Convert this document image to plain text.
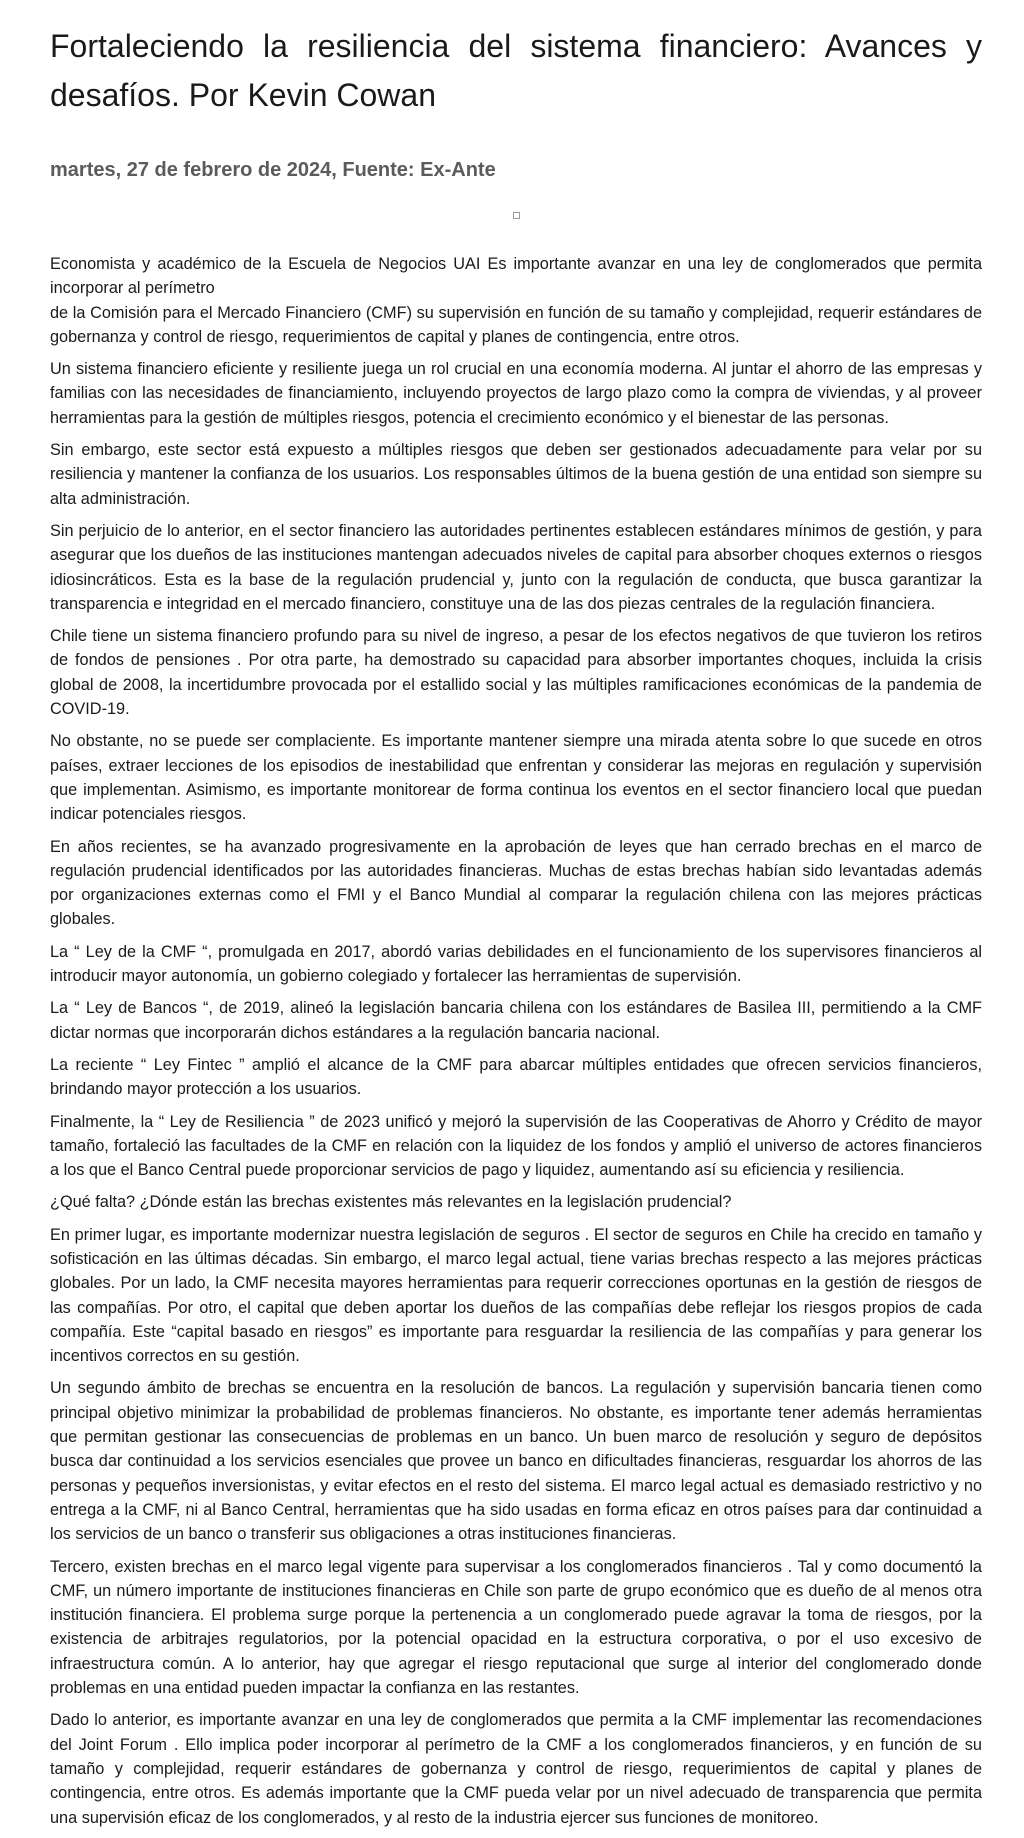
Fortaleciendo la resiliencia del sistema financiero: Avances y desafíos. Por Kevin Cowan
martes, 27 de febrero de 2024, Fuente: Ex-Ante

Economista y académico de la Escuela de Negocios UAI Es importante avanzar en una ley de conglomerados que permita incorporar al perímetro
de la Comisión para el Mercado Financiero (CMF) su supervisión en función de su tamaño y complejidad, requerir estándares de gobernanza y control de riesgo, requerimientos de capital y planes de contingencia, entre otros.

Un sistema financiero eficiente y resiliente juega un rol crucial en una economía moderna. Al juntar el ahorro de las empresas y familias con las necesidades de financiamiento, incluyendo proyectos de largo plazo como la compra de viviendas, y al proveer herramientas para la gestión de múltiples riesgos, potencia el crecimiento económico y el bienestar de las personas.

Sin embargo, este sector está expuesto a múltiples riesgos que deben ser gestionados adecuadamente para velar por su resiliencia y mantener la confianza de los usuarios. Los responsables últimos de la buena gestión de una entidad son siempre su alta administración.

Sin perjuicio de lo anterior, en el sector financiero las autoridades pertinentes establecen estándares mínimos de gestión, y para asegurar que los dueños de las instituciones mantengan adecuados niveles de capital para absorber choques externos o riesgos idiosincráticos. Esta es la base de la regulación prudencial y, junto con la regulación de conducta, que busca garantizar la transparencia e integridad en el mercado financiero, constituye una de las dos piezas centrales de la regulación financiera.

Chile tiene un sistema financiero profundo para su nivel de ingreso, a pesar de los efectos negativos de que tuvieron los retiros de fondos de pensiones . Por otra parte, ha demostrado su capacidad para absorber importantes choques, incluida la crisis global de 2008, la incertidumbre provocada por el estallido social y las múltiples ramificaciones económicas de la pandemia de COVID-19.

No obstante, no se puede ser complaciente. Es importante mantener siempre una mirada atenta sobre lo que sucede en otros países, extraer lecciones de los episodios de inestabilidad que enfrentan y considerar las mejoras en regulación y supervisión que implementan. Asimismo, es importante monitorear de forma continua los eventos en el sector financiero local que puedan indicar potenciales riesgos.

En años recientes, se ha avanzado progresivamente en la aprobación de leyes que han cerrado brechas en el marco de regulación prudencial identificados por las autoridades financieras. Muchas de estas brechas habían sido levantadas además por organizaciones externas como el FMI y el Banco Mundial al comparar la regulación chilena con las mejores prácticas globales.

La “ Ley de la CMF “, promulgada en 2017, abordó varias debilidades en el funcionamiento de los supervisores financieros al introducir mayor autonomía, un gobierno colegiado y fortalecer las herramientas de supervisión.

La “ Ley de Bancos “, de 2019, alineó la legislación bancaria chilena con los estándares de Basilea III, permitiendo a la CMF dictar normas que incorporarán dichos estándares a la regulación bancaria nacional.

La reciente “ Ley Fintec ” amplió el alcance de la CMF para abarcar múltiples entidades que ofrecen servicios financieros, brindando mayor protección a los usuarios.

Finalmente, la “ Ley de Resiliencia ” de 2023 unificó y mejoró la supervisión de las Cooperativas de Ahorro y Crédito de mayor tamaño, fortaleció las facultades de la CMF en relación con la liquidez de los fondos y amplió el universo de actores financieros a los que el Banco Central puede proporcionar servicios de pago y liquidez, aumentando así su eficiencia y resiliencia.

¿Qué falta? ¿Dónde están las brechas existentes más relevantes en la legislación prudencial?

En primer lugar, es importante modernizar nuestra legislación de seguros . El sector de seguros en Chile ha crecido en tamaño y sofisticación en las últimas décadas. Sin embargo, el marco legal actual, tiene varias brechas respecto a las mejores prácticas globales. Por un lado, la CMF necesita mayores herramientas para requerir correcciones oportunas en la gestión de riesgos de las compañías. Por otro, el capital que deben aportar los dueños de las compañías debe reflejar los riesgos propios de cada compañía. Este “capital basado en riesgos” es importante para resguardar la resiliencia de las compañías y para generar los incentivos correctos en su gestión.

Un segundo ámbito de brechas se encuentra en la resolución de bancos. La regulación y supervisión bancaria tienen como principal objetivo minimizar la probabilidad de problemas financieros. No obstante, es importante tener además herramientas que permitan gestionar las consecuencias de problemas en un banco. Un buen marco de resolución y seguro de depósitos busca dar continuidad a los servicios esenciales que provee un banco en dificultades financieras, resguardar los ahorros de las personas y pequeños inversionistas, y evitar efectos en el resto del sistema. El marco legal actual es demasiado restrictivo y no entrega a la CMF, ni al Banco Central, herramientas que ha sido usadas en forma eficaz en otros países para dar continuidad a los servicios de un banco o transferir sus obligaciones a otras instituciones financieras.

Tercero, existen brechas en el marco legal vigente para supervisar a los conglomerados financieros . Tal y como documentó la CMF, un número importante de instituciones financieras en Chile son parte de grupo económico que es dueño de al menos otra institución financiera. El problema surge porque la pertenencia a un conglomerado puede agravar la toma de riesgos, por la existencia de arbitrajes regulatorios, por la potencial opacidad en la estructura corporativa, o por el uso excesivo de infraestructura común. A lo anterior, hay que agregar el riesgo reputacional que surge al interior del conglomerado donde problemas en una entidad pueden impactar la confianza en las restantes.

Dado lo anterior, es importante avanzar en una ley de conglomerados que permita a la CMF implementar las recomendaciones del Joint Forum . Ello implica poder incorporar al perímetro de la CMF a los conglomerados financieros, y en función de su tamaño y complejidad, requerir estándares de gobernanza y control de riesgo, requerimientos de capital y planes de contingencia, entre otros. Es además importante que la CMF pueda velar por un nivel adecuado de transparencia que permita una supervisión eficaz de los conglomerados, y al resto de la industria ejercer sus funciones de monitoreo.
